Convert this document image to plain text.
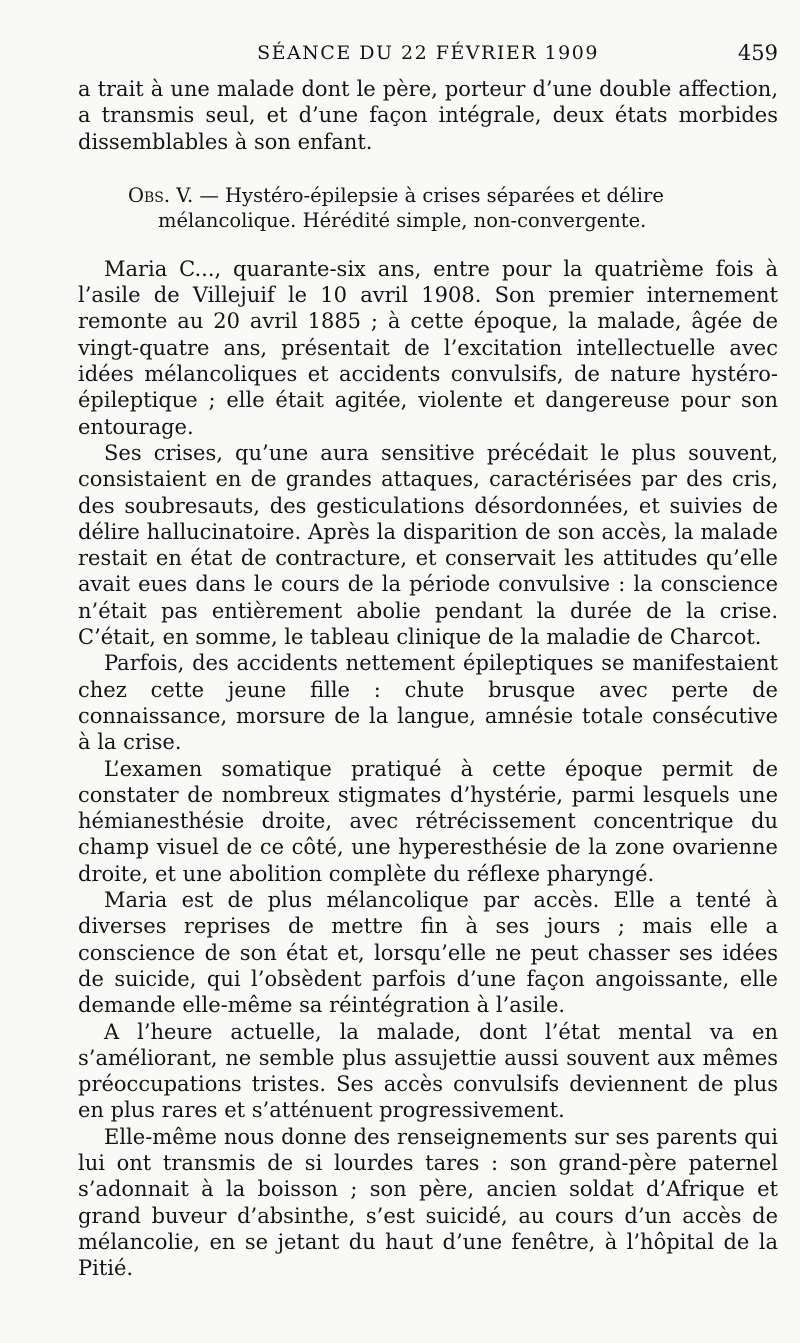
SÉANCE DU 22 FÉVRIER 1909	459

a trait à une malade dont le père, porteur d’une double affection, a transmis seul, et d’une façon intégrale, deux états morbides dissemblables à son enfant.

Obs. V. — Hystéro-épilepsie à crises séparées et délire
mélancolique. Hérédité simple, non-convergente.

Maria C..., quarante-six ans, entre pour la quatrième fois à l’asile de Villejuif le 10 avril 1908. Son premier internement remonte au 20 avril 1885 ; à cette époque, la malade, âgée de vingt-quatre ans, présentait de l’excitation intellectuelle avec idées mélancoliques et accidents convulsifs, de nature hystéro-épileptique ; elle était agitée, violente et dangereuse pour son entourage.

Ses crises, qu’une aura sensitive précédait le plus souvent, consistaient en de grandes attaques, caractérisées par des cris, des soubresauts, des gesticulations désordonnées, et suivies de délire hallucinatoire. Après la disparition de son accès, la malade restait en état de contracture, et conservait les attitudes qu’elle avait eues dans le cours de la période convulsive : la conscience n’était pas entièrement abolie pendant la durée de la crise. C’était, en somme, le tableau clinique de la maladie de Charcot.

Parfois, des accidents nettement épileptiques se manifestaient chez cette jeune fille : chute brusque avec perte de connaissance, morsure de la langue, amnésie totale consécutive à la crise.

L’examen somatique pratiqué à cette époque permit de constater de nombreux stigmates d’hystérie, parmi lesquels une hémianesthésie droite, avec rétrécissement concentrique du champ visuel de ce côté, une hyperesthésie de la zone ovarienne droite, et une abolition complète du réflexe pharyngé.

Maria est de plus mélancolique par accès. Elle a tenté à diverses reprises de mettre fin à ses jours ; mais elle a conscience de son état et, lorsqu’elle ne peut chasser ses idées de suicide, qui l’obsèdent parfois d’une façon angoissante, elle demande elle-même sa réintégration à l’asile.

A l’heure actuelle, la malade, dont l’état mental va en s’améliorant, ne semble plus assujettie aussi souvent aux mêmes préoccupations tristes. Ses accès convulsifs deviennent de plus en plus rares et s’atténuent progressivement.

Elle-même nous donne des renseignements sur ses parents qui lui ont transmis de si lourdes tares : son grand-père paternel s’adonnait à la boisson ; son père, ancien soldat d’Afrique et grand buveur d’absinthe, s’est suicidé, au cours d’un accès de mélancolie, en se jetant du haut d’une fenêtre, à l’hôpital de la Pitié.
